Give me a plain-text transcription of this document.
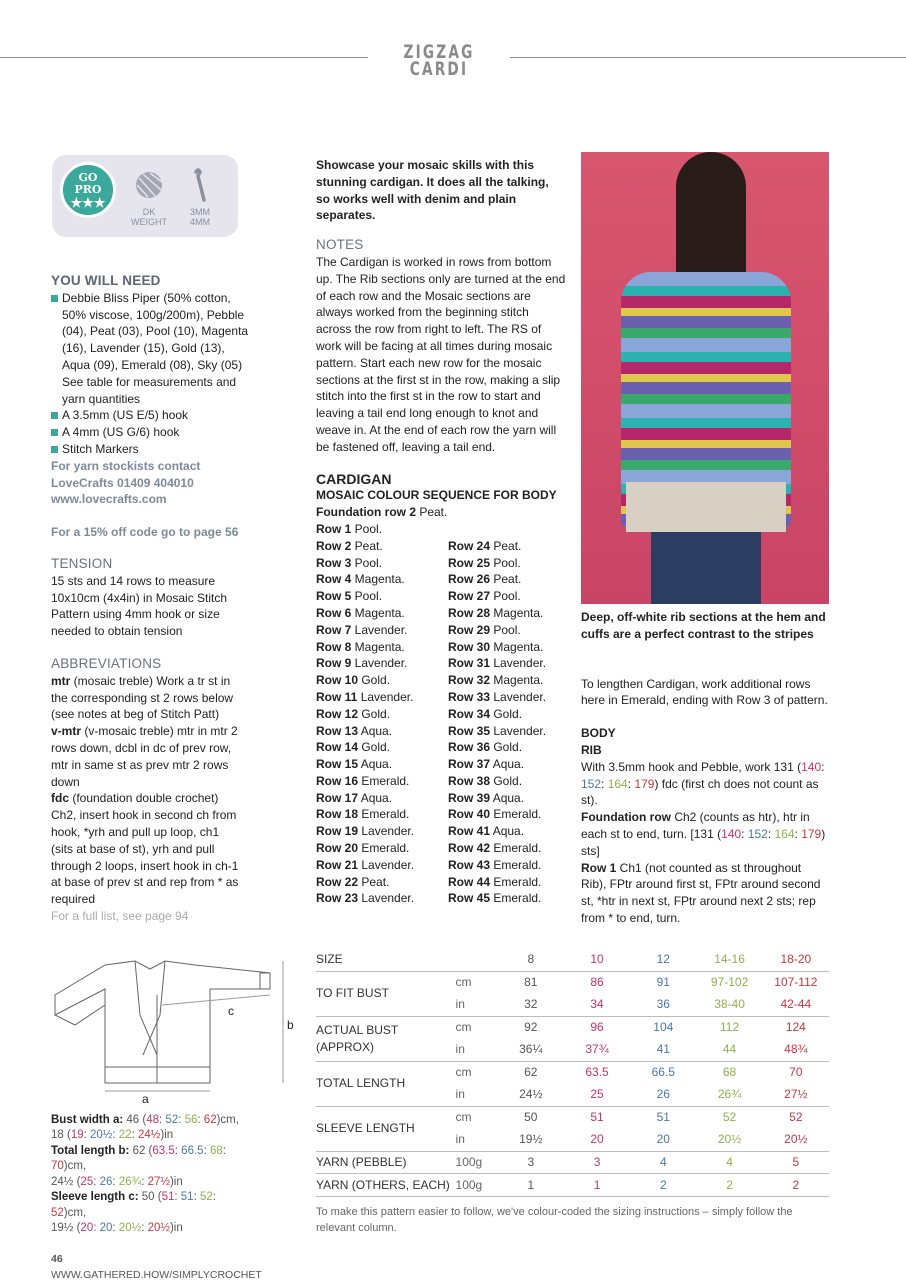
ZIGZAG CARDI
GO
PRO
★★★
DK
WEIGHT
3MM
4MM
YOU WILL NEED
Debbie Bliss Piper (50% cotton, 50% viscose, 100g/200m), Pebble (04), Peat (03), Pool (10), Magenta (16), Lavender (15), Gold (13), Aqua (09), Emerald (08), Sky (05)
See table for measurements and yarn quantities
A 3.5mm (US E/5) hook
A 4mm (US G/6) hook
Stitch Markers
For yarn stockists contact LoveCrafts 01409 404010 www.lovecrafts.com
For a 15% off code go to page 56
TENSION
15 sts and 14 rows to measure 10x10cm (4x4in) in Mosaic Stitch Pattern using 4mm hook or size needed to obtain tension
ABBREVIATIONS
mtr (mosaic treble) Work a tr st in the corresponding st 2 rows below (see notes at beg of Stitch Patt)
v-mtr (v-mosaic treble) mtr in mtr 2 rows down, dcbl in dc of prev row, mtr in same st as prev mtr 2 rows down
fdc (foundation double crochet) Ch2, insert hook in second ch from hook, *yrh and pull up loop, ch1 (sits at base of st), yrh and pull through 2 loops, insert hook in ch-1 at base of prev st and rep from * as required
For a full list, see page 94
a
b
c
Bust width a: 46 (48: 52: 56: 62)cm,
18 (19: 20½: 22: 24½)in
Total length b: 62 (63.5: 66.5: 68: 70)cm,
24½ (25: 26: 26¾: 27½)in
Sleeve length c: 50 (51: 51: 52: 52)cm,
19½ (20: 20: 20½: 20½)in
46 WWW.GATHERED.HOW/SIMPLYCROCHET
Showcase your mosaic skills with this stunning cardigan. It does all the talking, so works well with denim and plain separates.
NOTES
The Cardigan is worked in rows from bottom up. The Rib sections only are turned at the end of each row and the Mosaic sections are always worked from the beginning stitch across the row from right to left. The RS of work will be facing at all times during mosaic pattern. Start each new row for the mosaic sections at the first st in the row, making a slip stitch into the first st in the row to start and leaving a tail end long enough to knot and weave in. At the end of each row the yarn will be fastened off, leaving a tail end.
CARDIGAN
MOSAIC COLOUR SEQUENCE FOR BODY
Foundation row 2 Peat.
Row 1 Pool.
Row 2 Peat.
Row 3 Pool.
Row 4 Magenta.
Row 5 Pool.
Row 6 Magenta.
Row 7 Lavender.
Row 8 Magenta.
Row 9 Lavender.
Row 10 Gold.
Row 11 Lavender.
Row 12 Gold.
Row 13 Aqua.
Row 14 Gold.
Row 15 Aqua.
Row 16 Emerald.
Row 17 Aqua.
Row 18 Emerald.
Row 19 Lavender.
Row 20 Emerald.
Row 21 Lavender.
Row 22 Peat.
Row 23 Lavender.
Row 24 Peat.
Row 25 Pool.
Row 26 Peat.
Row 27 Pool.
Row 28 Magenta.
Row 29 Pool.
Row 30 Magenta.
Row 31 Lavender.
Row 32 Magenta.
Row 33 Lavender.
Row 34 Gold.
Row 35 Lavender.
Row 36 Gold.
Row 37 Aqua.
Row 38 Gold.
Row 39 Aqua.
Row 40 Emerald.
Row 41 Aqua.
Row 42 Emerald.
Row 43 Emerald.
Row 44 Emerald.
Row 45 Emerald.
Deep, off-white rib sections at the hem and cuffs are a perfect contrast to the stripes
To lengthen Cardigan, work additional rows here in Emerald, ending with Row 3 of pattern.
BODY
RIB
With 3.5mm hook and Pebble, work 131 (140: 152: 164: 179) fdc (first ch does not count as st).
Foundation row Ch2 (counts as htr), htr in each st to end, turn. [131 (140: 152: 164: 179) sts]
Row 1 Ch1 (not counted as st throughout Rib), FPtr around first st, FPtr around second st, *htr in next st, FPtr around next 2 sts; rep from * to end, turn.
SIZE		8	10	12	14-16	18-20
TO FIT BUST	cm	81	86	91	97-102	107-112
	in	32	34	36	38-40	42-44
ACTUAL BUST (APPROX)	cm	92	96	104	112	124
	in	36¼	37¾	41	44	48¾
TOTAL LENGTH	cm	62	63.5	66.5	68	70
	in	24½	25	26	26¾	27½
SLEEVE LENGTH	cm	50	51	51	52	52
	in	19½	20	20	20½	20½
YARN (PEBBLE)	100g	3	3	4	4	5
YARN (OTHERS, EACH)	100g	1	1	2	2	2

To make this pattern easier to follow, we've colour-coded the sizing instructions – simply follow the relevant column.
